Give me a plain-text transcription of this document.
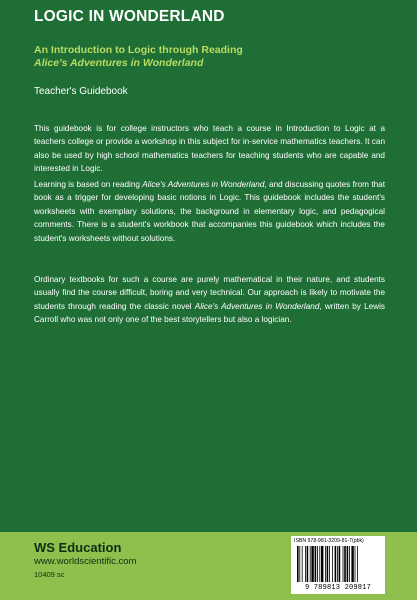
LOGIC IN WONDERLAND
An Introduction to Logic through Reading
Alice's Adventures in Wonderland
Teacher's Guidebook

This guidebook is for college instructors who teach a course in Introduction to Logic at a teachers college or provide a workshop in this subject for in-service mathematics teachers. It can also be used by high school mathematics teachers for teaching students who are capable and interested in Logic.

Learning is based on reading Alice's Adventures in Wonderland, and discussing quotes from that book as a trigger for developing basic notions in Logic. This guidebook includes the student's worksheets with exemplary solutions, the background in elementary logic, and pedagogical comments. There is a student's workbook that accompanies this guidebook which includes the student's worksheets without solutions.

Ordinary textbooks for such a course are purely mathematical in their nature, and students usually find the course difficult, boring and very technical. Our approach is likely to motivate the students through reading the classic novel Alice's Adventures in Wonderland, written by Lewis Carroll who was not only one of the best storytellers but also a logician.

WS Education
www.worldscientific.com
10409 sc
ISBN 978-981-3209-81-7(pbk)
9 789813 209817
